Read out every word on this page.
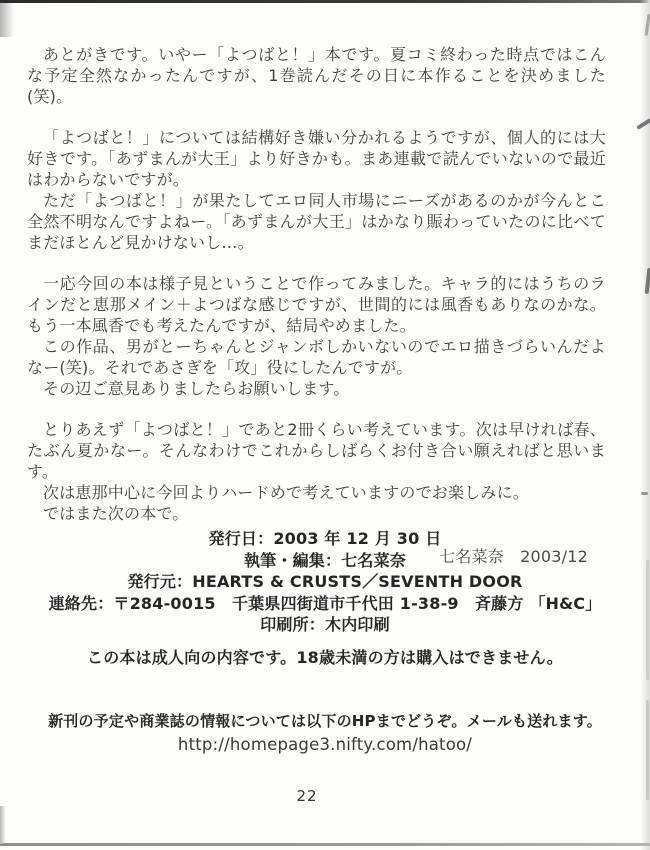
あとがきです。いやー「よつばと！」本です。夏コミ終わった時点ではこんな予定全然なかったんですが、1巻読んだその日に本作ることを決めました(笑)。

「よつばと！」については結構好き嫌い分かれるようですが、個人的には大好きです。「あずまんが大王」より好きかも。まあ連載で読んでいないので最近はわからないですが。

ただ「よつばと！」が果たしてエロ同人市場にニーズがあるのかが今んとこ全然不明なんですよねー。「あずまんが大王」はかなり賑わっていたのに比べてまだほとんど見かけないし…。

一応今回の本は様子見ということで作ってみました。キャラ的にはうちのラインだと恵那メイン＋よつばな感じですが、世間的には風香もありなのかな。もう一本風香でも考えたんですが、結局やめました。

この作品、男がとーちゃんとジャンボしかいないのでエロ描きづらいんだよなー(笑)。それであさぎを「攻」役にしたんですが。

その辺ご意見ありましたらお願いします。

とりあえず「よつばと！」であと2冊くらい考えています。次は早ければ春、たぶん夏かなー。そんなわけでこれからしばらくお付き合い願えればと思います。

次は恵那中心に今回よりハードめで考えていますのでお楽しみに。

ではまた次の本で。

七名菜奈　2003/12

発行日：2003 年 12 月 30 日

執筆・編集：七名菜奈

発行元：HEARTS & CRUSTS／SEVENTH DOOR

連絡先：〒284-0015　千葉県四街道市千代田 1-38-9　斉藤方 「H&C」

印刷所：木内印刷

この本は成人向の内容です。18歳未満の方は購入はできません。

新刊の予定や商業誌の情報については以下のHPまでどうぞ。メールも送れます。

http://homepage3.nifty.com/hatoo/

22
